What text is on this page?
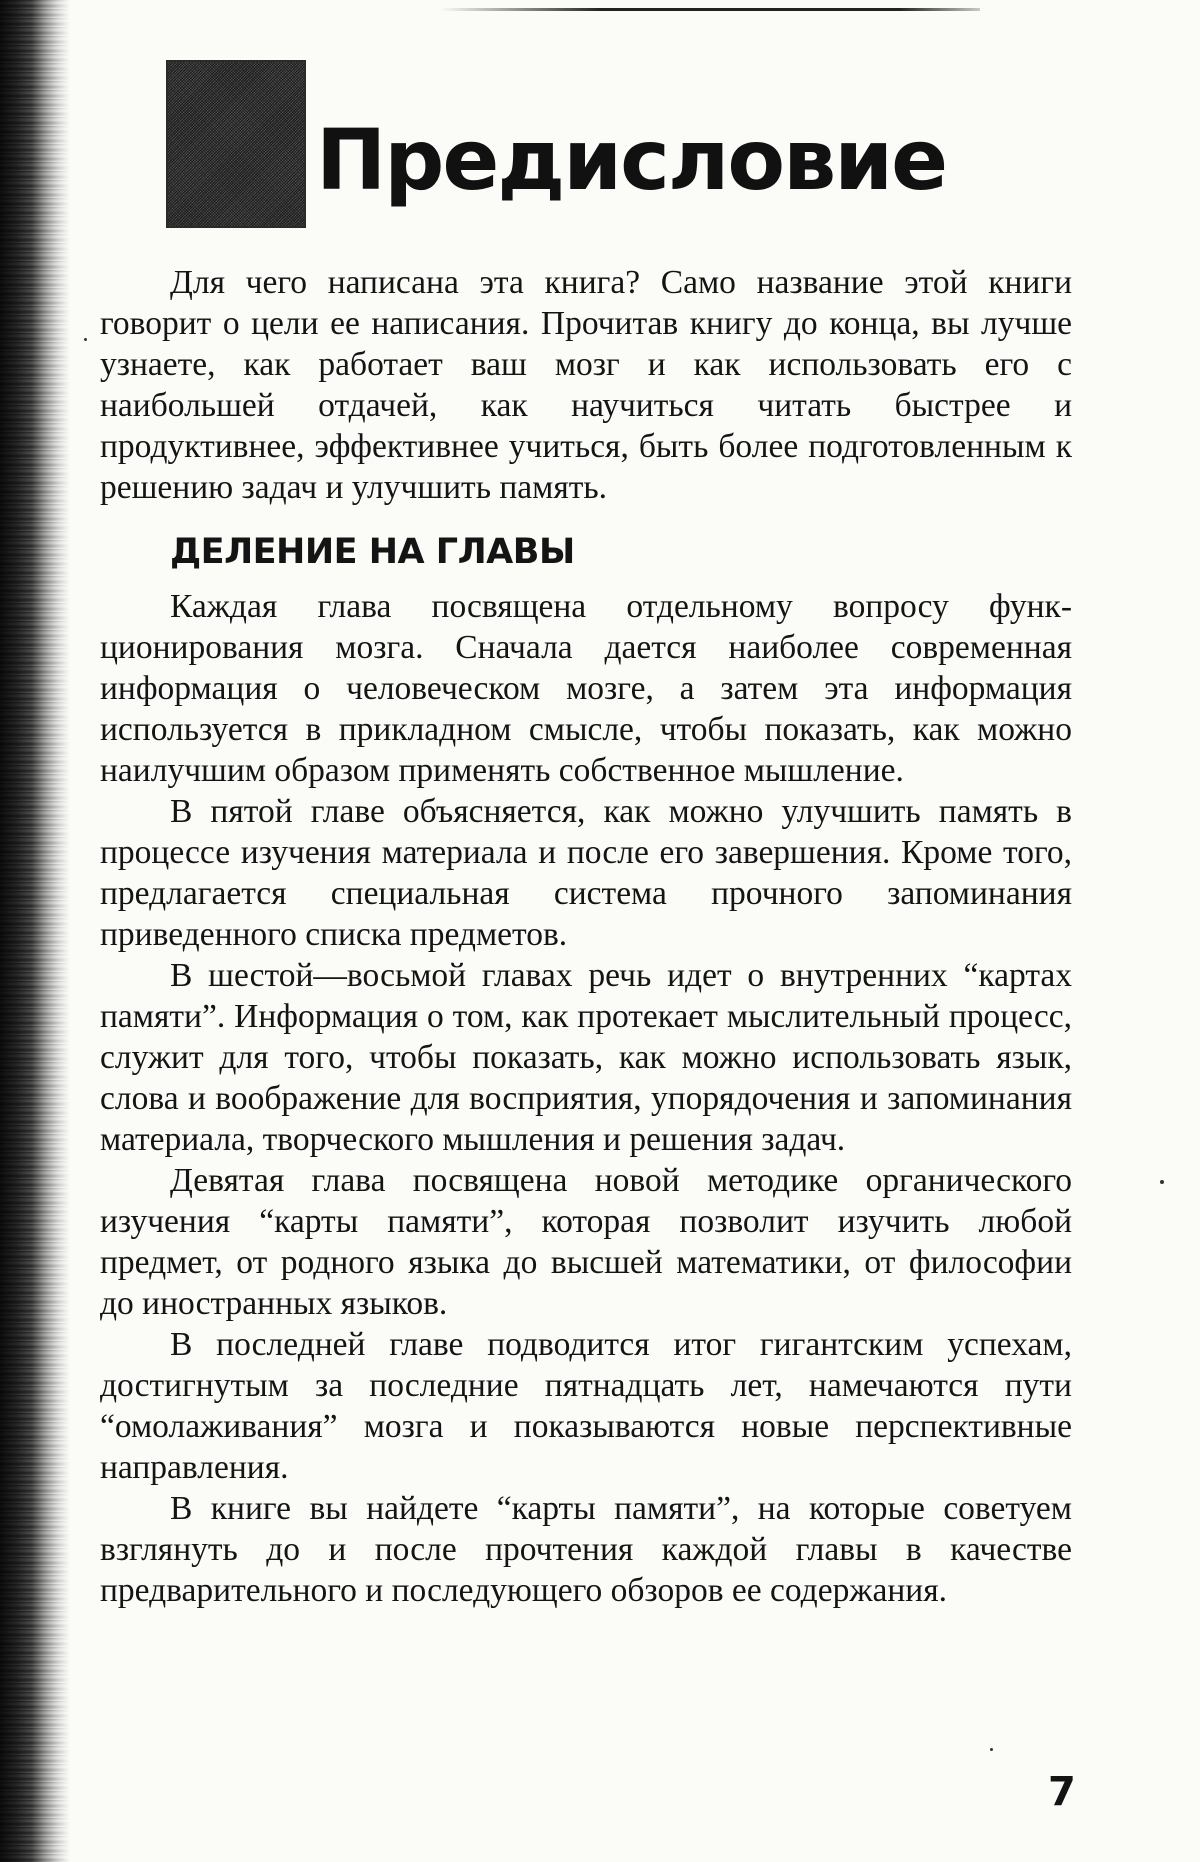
Предисловие

Для чего написана эта книга? Само название этой книги говорит о цели ее написания. Прочитав книгу до конца, вы лучше узнаете, как работает ваш мозг и как использовать его с наибольшей отдачей, как научиться читать быстрее и продуктивнее, эффективнее учиться, быть более подготовленным к решению задач и улучшить память.

ДЕЛЕНИЕ НА ГЛАВЫ

Каждая глава посвящена отдельному вопросу функционирования мозга. Сначала дается наиболее современная информация о человеческом мозге, а затем эта информация используется в прикладном смысле, чтобы показать, как можно наилучшим образом применять собственное мышление.

В пятой главе объясняется, как можно улучшить память в процессе изучения материала и после его завершения. Кроме того, предлагается специальная система прочного запоминания приведенного списка предметов.

В шестой—восьмой главах речь идет о внутренних “картах памяти”. Информация о том, как протекает мыслительный процесс, служит для того, чтобы показать, как можно использовать язык, слова и воображение для восприятия, упорядочения и запоминания материала, творческого мышления и решения задач.

Девятая глава посвящена новой методике органического изучения “карты памяти”, которая позволит изучить любой предмет, от родного языка до высшей математики, от философии до иностранных языков.

В последней главе подводится итог гигантским успехам, достигнутым за последние пятнадцать лет, намечаются пути “омолаживания” мозга и показываются новые перспективные направления.

В книге вы найдете “карты памяти”, на которые советуем взглянуть до и после прочтения каждой главы в качестве предварительного и последующего обзоров ее содержания.

7
